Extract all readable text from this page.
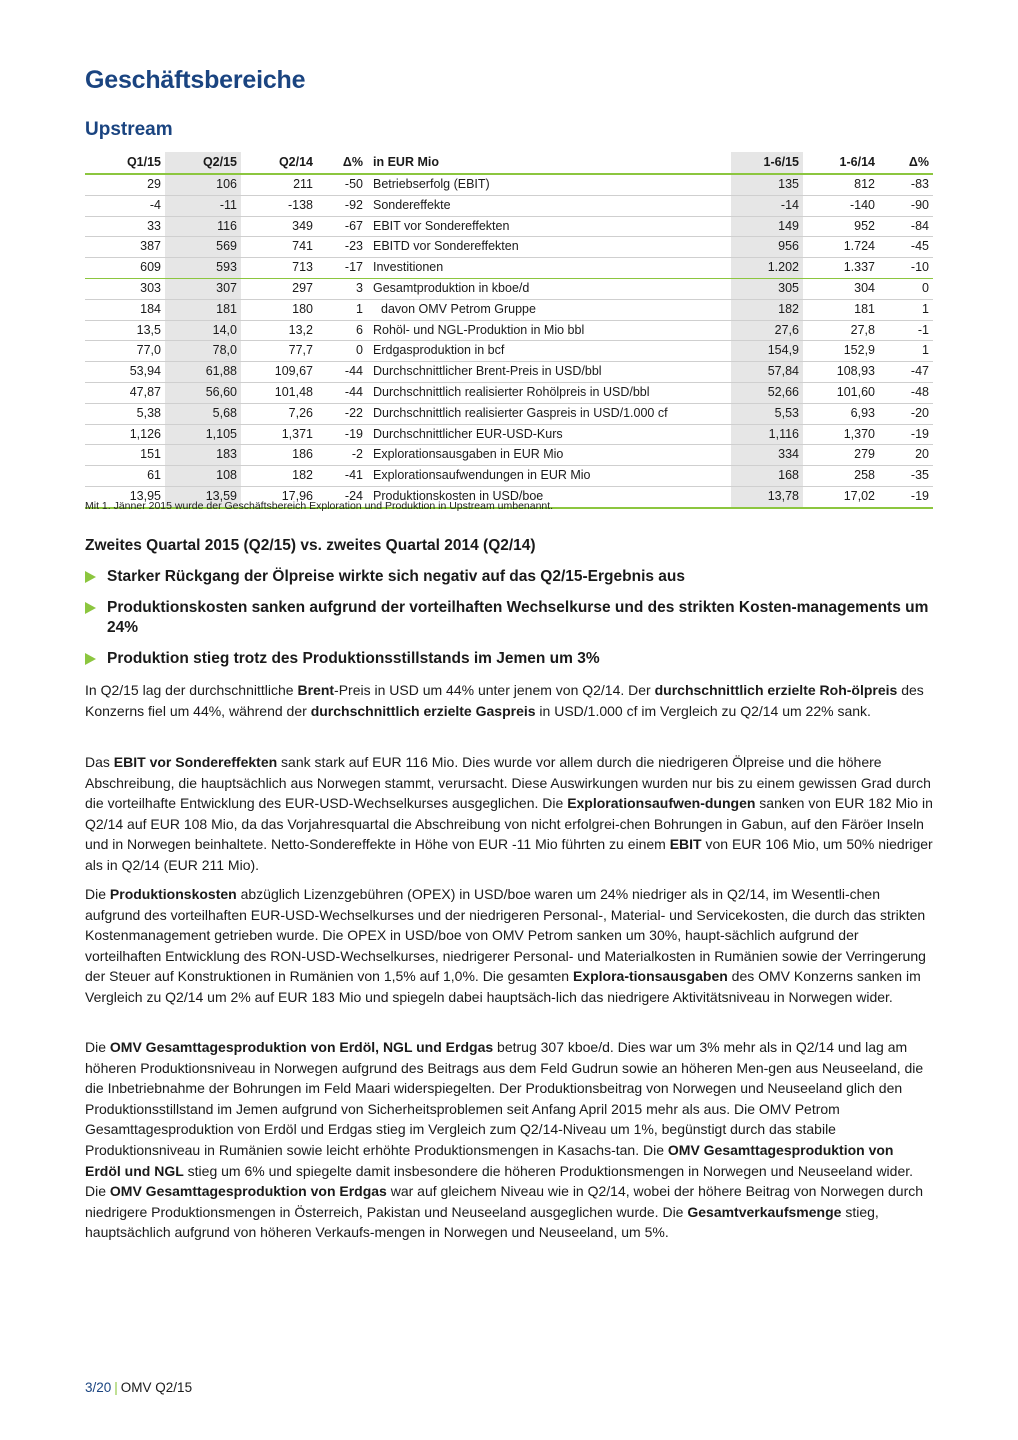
Geschäftsbereiche
Upstream
Q1/15	Q2/15	Q2/14	Δ%	in EUR Mio	1-6/15	1-6/14	Δ%
29	106	211	-50	Betriebserfolg (EBIT)	135	812	-83
-4	-11	-138	-92	Sondereffekte	-14	-140	-90
33	116	349	-67	EBIT vor Sondereffekten	149	952	-84
387	569	741	-23	EBITD vor Sondereffekten	956	1.724	-45
609	593	713	-17	Investitionen	1.202	1.337	-10
303	307	297	3	Gesamtproduktion in kboe/d	305	304	0
184	181	180	1	davon OMV Petrom Gruppe	182	181	1
13,5	14,0	13,2	6	Rohöl- und NGL-Produktion in Mio bbl	27,6	27,8	-1
77,0	78,0	77,7	0	Erdgasproduktion in bcf	154,9	152,9	1
53,94	61,88	109,67	-44	Durchschnittlicher Brent-Preis in USD/bbl	57,84	108,93	-47
47,87	56,60	101,48	-44	Durchschnittlich realisierter Rohölpreis in USD/bbl	52,66	101,60	-48
5,38	5,68	7,26	-22	Durchschnittlich realisierter Gaspreis in USD/1.000 cf	5,53	6,93	-20
1,126	1,105	1,371	-19	Durchschnittlicher EUR-USD-Kurs	1,116	1,370	-19
151	183	186	-2	Explorationsausgaben in EUR Mio	334	279	20
61	108	182	-41	Explorationsaufwendungen in EUR Mio	168	258	-35
13,95	13,59	17,96	-24	Produktionskosten in USD/boe	13,78	17,02	-19
Mit 1. Jänner 2015 wurde der Geschäftsbereich Exploration und Produktion in Upstream umbenannt.
Zweites Quartal 2015 (Q2/15) vs. zweites Quartal 2014 (Q2/14)
Starker Rückgang der Ölpreise wirkte sich negativ auf das Q2/15-Ergebnis aus
Produktionskosten sanken aufgrund der vorteilhaften Wechselkurse und des strikten Kosten-managements um 24%
Produktion stieg trotz des Produktionsstillstands im Jemen um 3%

In Q2/15 lag der durchschnittliche Brent-Preis in USD um 44% unter jenem von Q2/14. Der durchschnittlich erzielte Roh-ölpreis des Konzerns fiel um 44%, während der durchschnittlich erzielte Gaspreis in USD/1.000 cf im Vergleich zu Q2/14 um 22% sank.

Das EBIT vor Sondereffekten sank stark auf EUR 116 Mio. Dies wurde vor allem durch die niedrigeren Ölpreise und die höhere Abschreibung, die hauptsächlich aus Norwegen stammt, verursacht. Diese Auswirkungen wurden nur bis zu einem gewissen Grad durch die vorteilhafte Entwicklung des EUR-USD-Wechselkurses ausgeglichen. Die Explorationsaufwen-dungen sanken von EUR 182 Mio in Q2/14 auf EUR 108 Mio, da das Vorjahresquartal die Abschreibung von nicht erfolgrei-chen Bohrungen in Gabun, auf den Färöer Inseln und in Norwegen beinhaltete. Netto-Sondereffekte in Höhe von EUR -11 Mio führten zu einem EBIT von EUR 106 Mio, um 50% niedriger als in Q2/14 (EUR 211 Mio).

Die Produktionskosten abzüglich Lizenzgebühren (OPEX) in USD/boe waren um 24% niedriger als in Q2/14, im Wesentli-chen aufgrund des vorteilhaften EUR-USD-Wechselkurses und der niedrigeren Personal-, Material- und Servicekosten, die durch das strikten Kostenmanagement getrieben wurde. Die OPEX in USD/boe von OMV Petrom sanken um 30%, haupt-sächlich aufgrund der vorteilhaften Entwicklung des RON-USD-Wechselkurses, niedrigerer Personal- und Materialkosten in Rumänien sowie der Verringerung der Steuer auf Konstruktionen in Rumänien von 1,5% auf 1,0%. Die gesamten Explora-tionsausgaben des OMV Konzerns sanken im Vergleich zu Q2/14 um 2% auf EUR 183 Mio und spiegeln dabei hauptsäch-lich das niedrigere Aktivitätsniveau in Norwegen wider.

Die OMV Gesamttagesproduktion von Erdöl, NGL und Erdgas betrug 307 kboe/d. Dies war um 3% mehr als in Q2/14 und lag am höheren Produktionsniveau in Norwegen aufgrund des Beitrags aus dem Feld Gudrun sowie an höheren Men-gen aus Neuseeland, die die Inbetriebnahme der Bohrungen im Feld Maari widerspiegelten. Der Produktionsbeitrag von Norwegen und Neuseeland glich den Produktionsstillstand im Jemen aufgrund von Sicherheitsproblemen seit Anfang April 2015 mehr als aus. Die OMV Petrom Gesamttagesproduktion von Erdöl und Erdgas stieg im Vergleich zum Q2/14-Niveau um 1%, begünstigt durch das stabile Produktionsniveau in Rumänien sowie leicht erhöhte Produktionsmengen in Kasachs-tan. Die OMV Gesamttagesproduktion von Erdöl und NGL stieg um 6% und spiegelte damit insbesondere die höheren Produktionsmengen in Norwegen und Neuseeland wider. Die OMV Gesamttagesproduktion von Erdgas war auf gleichem Niveau wie in Q2/14, wobei der höhere Beitrag von Norwegen durch niedrigere Produktionsmengen in Österreich, Pakistan und Neuseeland ausgeglichen wurde. Die Gesamtverkaufsmenge stieg, hauptsächlich aufgrund von höheren Verkaufs-mengen in Norwegen und Neuseeland, um 5%.

3/20 | OMV Q2/15
